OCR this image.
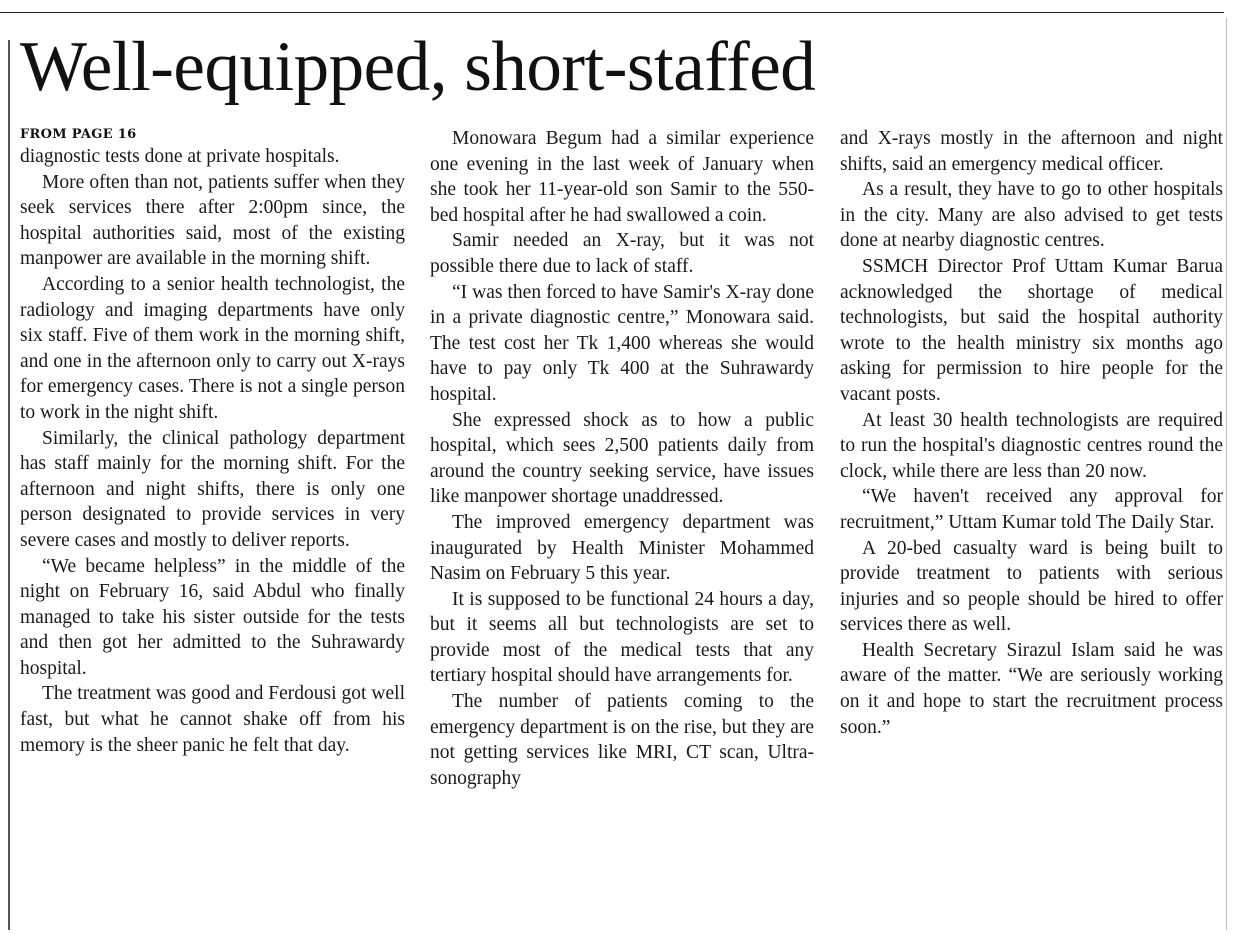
Well-equipped, short-staffed
FROM PAGE 16

diagnostic tests done at private hospitals.

More often than not, patients suffer when they seek services there after 2:00pm since, the hospital authorities said, most of the existing manpower are available in the morning shift.

According to a senior health technologist, the radiology and imaging departments have only six staff. Five of them work in the morning shift, and one in the afternoon only to carry out X-rays for emergency cases. There is not a single person to work in the night shift.

Similarly, the clinical pathology department has staff mainly for the morning shift. For the afternoon and night shifts, there is only one person designated to provide services in very severe cases and mostly to deliver reports.

“We became helpless” in the middle of the night on February 16, said Abdul who finally managed to take his sister outside for the tests and then got her admitted to the Suhrawardy hospital.

The treatment was good and Ferdousi got well fast, but what he cannot shake off from his memory is the sheer panic he felt that day.

Monowara Begum had a similar experience one evening in the last week of January when she took her 11-year-old son Samir to the 550-bed hospital after he had swallowed a coin.

Samir needed an X-ray, but it was not possible there due to lack of staff.

“I was then forced to have Samir's X-ray done in a private diagnostic centre,” Monowara said. The test cost her Tk 1,400 whereas she would have to pay only Tk 400 at the Suhrawardy hospital.

She expressed shock as to how a public hospital, which sees 2,500 patients daily from around the country seeking service, have issues like manpower shortage unaddressed.

The improved emergency department was inaugurated by Health Minister Mohammed Nasim on February 5 this year.

It is supposed to be functional 24 hours a day, but it seems all but technologists are set to provide most of the medical tests that any tertiary hospital should have arrangements for.

The number of patients coming to the emergency department is on the rise, but they are not getting services like MRI, CT scan, Ultra-sonography

and X-rays mostly in the afternoon and night shifts, said an emergency medical officer.

As a result, they have to go to other hospitals in the city. Many are also advised to get tests done at nearby diagnostic centres.

SSMCH Director Prof Uttam Kumar Barua acknowledged the shortage of medical technologists, but said the hospital authority wrote to the health ministry six months ago asking for permission to hire people for the vacant posts.

At least 30 health technologists are required to run the hospital's diagnostic centres round the clock, while there are less than 20 now.

“We haven't received any approval for recruitment,” Uttam Kumar told The Daily Star.

A 20-bed casualty ward is being built to provide treatment to patients with serious injuries and so people should be hired to offer services there as well.

Health Secretary Sirazul Islam said he was aware of the matter. “We are seriously working on it and hope to start the recruitment process soon.”
